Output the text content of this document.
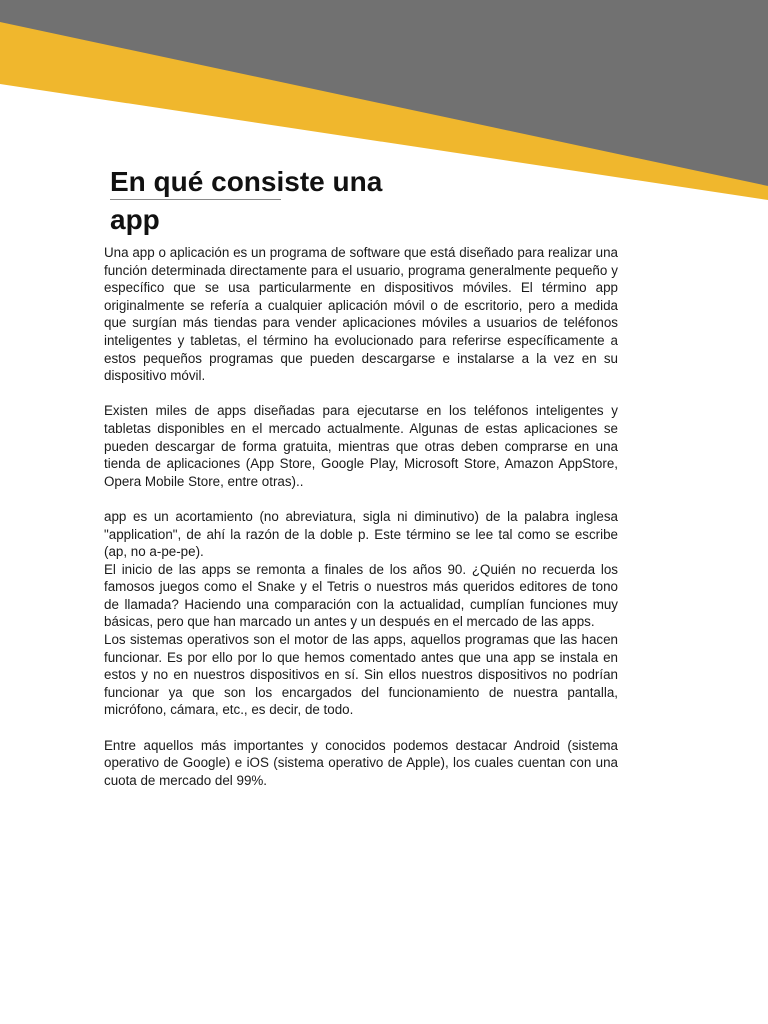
En qué consiste una app

Una app o aplicación es un programa de software que está diseñado para realizar una función determinada directamente para el usuario, programa generalmente pequeño y específico que se usa particularmente en dispositivos móviles. El término app originalmente se refería a cualquier aplicación móvil o de escritorio, pero a medida que surgían más tiendas para vender aplicaciones móviles a usuarios de teléfonos inteligentes y tabletas, el término ha evolucionado para referirse específicamente a estos pequeños programas que pueden descargarse e instalarse a la vez en su dispositivo móvil.

Existen miles de apps diseñadas para ejecutarse en los teléfonos inteligentes y tabletas disponibles en el mercado actualmente. Algunas de estas aplicaciones se pueden descargar de forma gratuita, mientras que otras deben comprarse en una tienda de aplicaciones (App Store, Google Play, Microsoft Store, Amazon AppStore, Opera Mobile Store, entre otras)..

app es un acortamiento (no abreviatura, sigla ni diminutivo) de la palabra inglesa "application", de ahí la razón de la doble p. Este término se lee tal como se escribe (ap, no a-pe-pe).

El inicio de las apps se remonta a finales de los años 90. ¿Quién no recuerda los famosos juegos como el Snake y el Tetris o nuestros más queridos editores de tono de llamada? Haciendo una comparación con la actualidad, cumplían funciones muy básicas, pero que han marcado un antes y un después en el mercado de las apps.

Los sistemas operativos son el motor de las apps, aquellos programas que las hacen funcionar. Es por ello por lo que hemos comentado antes que una app se instala en estos y no en nuestros dispositivos en sí. Sin ellos nuestros dispositivos no podrían funcionar ya que son los encargados del funcionamiento de nuestra pantalla, micrófono, cámara, etc., es decir, de todo.

Entre aquellos más importantes y conocidos podemos destacar Android (sistema operativo de Google) e iOS (sistema operativo de Apple), los cuales cuentan con una cuota de mercado del 99%.
